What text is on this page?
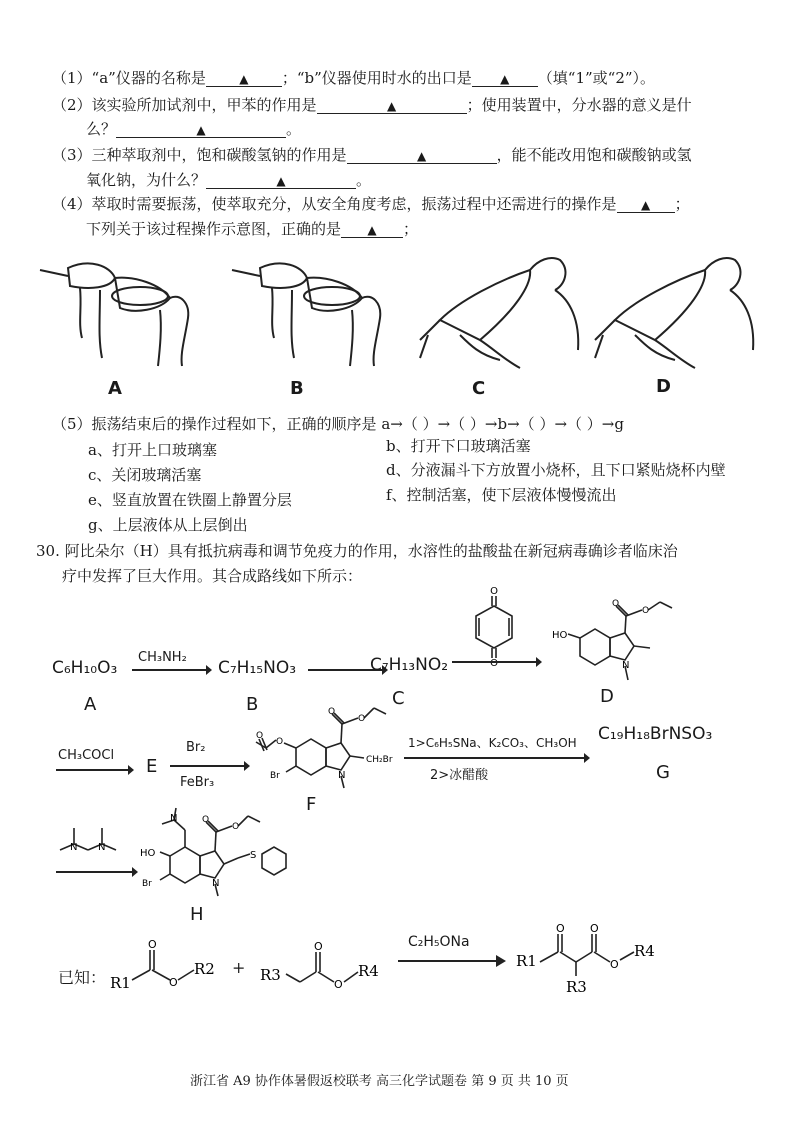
（1）“a”仪器的名称是	▲ ；“b”仪器使用时水的出口是 ▲ （填“1”或“2”）。
（2）该实验所加试剂中，甲苯的作用是	▲	；使用装置中，分水器的意义是什
么？	▲	。
（3）三种萃取剂中，饱和碳酸氢钠的作用是	▲	，能不能改用饱和碳酸钠或氢
氧化钠，为什么？	▲	。
（4）萃取时需要振荡，使萃取充分，从安全角度考虑，振荡过程中还需进行的操作是 ▲ ；
下列关于该过程操作示意图，正确的是 ▲ ；
A	B	C	D
（5）振荡结束后的操作过程如下，正确的顺序是 a→（ ）→（ ）→b→（ ）→（ ）→g
a、打开上口玻璃塞	b、打开下口玻璃活塞
c、关闭玻璃活塞	d、分液漏斗下方放置小烧杯，且下口紧贴烧杯内壁
e、竖直放置在铁圈上静置分层	f、控制活塞，使下层液体慢慢流出
g、上层液体从上层倒出
30. 阿比朵尔（H）具有抵抗病毒和调节免疫力的作用，水溶性的盐酸盐在新冠病毒确诊者临床治
疗中发挥了巨大作用。其合成路线如下所示：
C₆H₁₀O₃
CH₃NH₂
C₇H₁₅NO₃	C₇H₁₃NO₂
O
O
O
O
N
HO
A	B	C	D
CH₃COCl
E
Br₂
FeBr₃
O
O
O
O
N
CH₂Br
Br
F
1>C₆H₅SNa、K₂CO₃、CH₃OH
2>冰醋酸
C₁₉H₁₈BrNSO₃
G
N N
N	O
O
S
N
HO
Br
H
已知：
O
O
R1
R2 +
O
O
R3	R4
C₂H₅ONa
O O
O
R1
R4
R3
浙江省 A9 协作体暑假返校联考 高三化学试题卷 第 9 页 共 10 页
